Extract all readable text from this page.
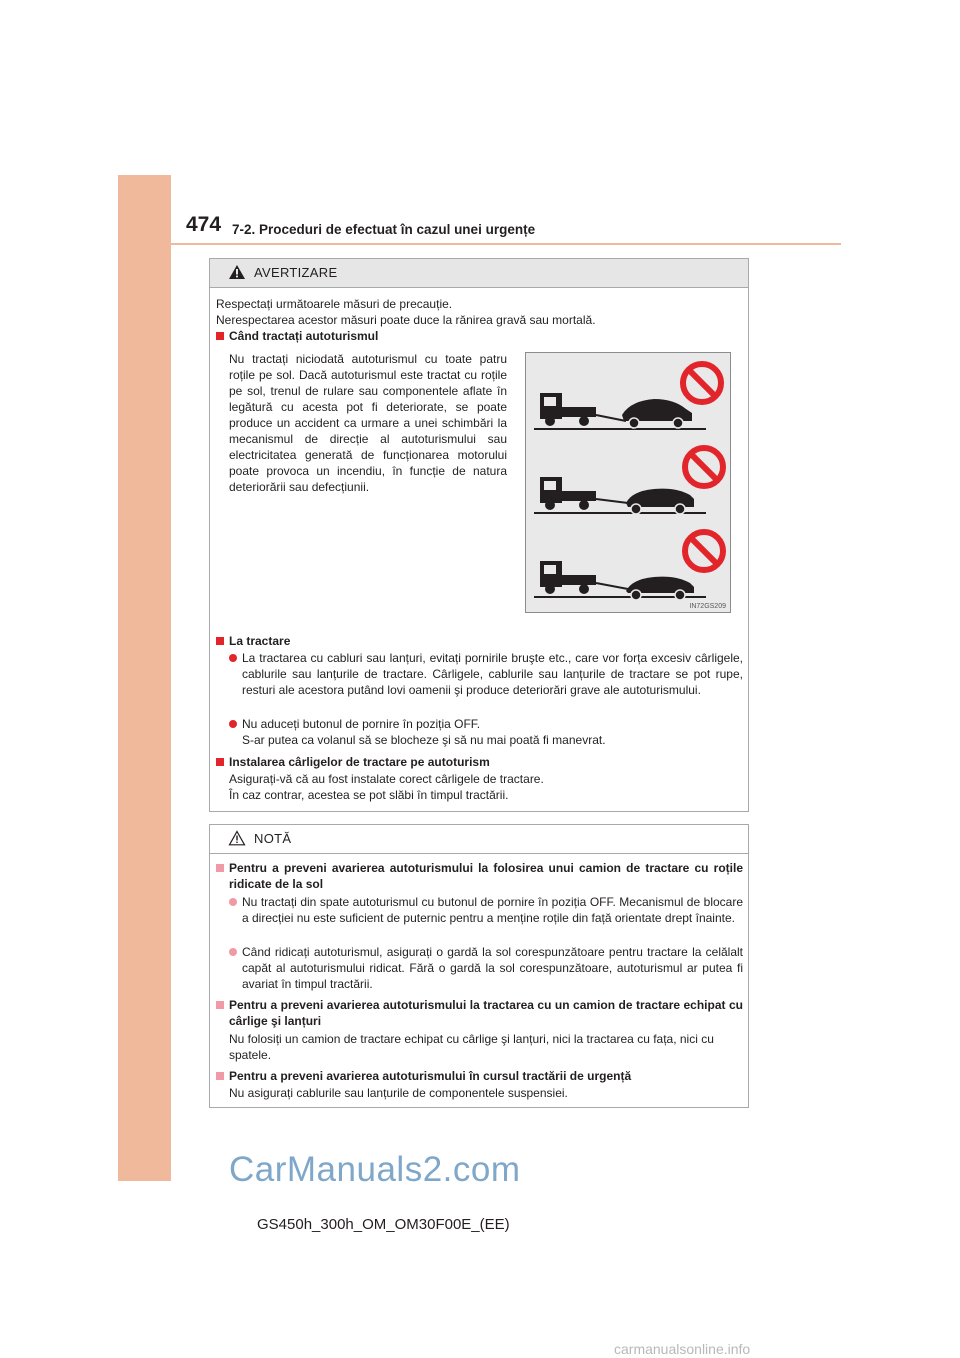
474 7-2. Proceduri de efectuat în cazul unei urgențe
AVERTIZARE
Respectați următoarele măsuri de precauție.
Nerespectarea acestor măsuri poate duce la rănirea gravă sau mortală.
Când tractați autoturismul
Nu tractați niciodată autoturismul cu toate patru roțile pe sol. Dacă autoturismul este tractat cu roțile pe sol, trenul de rulare sau componentele aflate în legătură cu acesta pot fi deteriorate, se poate produce un accident ca urmare a unei schimbări la mecanismul de direcție al autoturismului sau electricitatea generată de funcționarea motorului poate provoca un incendiu, în funcție de natura deteriorării sau defecțiunii.
IN72GS209
La tractare
La tractarea cu cabluri sau lanțuri, evitați pornirile bruşte etc., care vor forța excesiv cârligele, cablurile sau lanțurile de tractare. Cârligele, cablurile sau lanțurile de tractare se pot rupe, resturi ale acestora putând lovi oamenii şi produce deteriorări grave ale autoturismului.
Nu aduceți butonul de pornire în poziția OFF.
S-ar putea ca volanul să se blocheze şi să nu mai poată fi manevrat.
Instalarea cârligelor de tractare pe autoturism
Asigurați-vă că au fost instalate corect cârligele de tractare.
În caz contrar, acestea se pot slăbi în timpul tractării.
NOTĂ
Pentru a preveni avarierea autoturismului la folosirea unui camion de tractare cu roțile ridicate de la sol
Nu tractați din spate autoturismul cu butonul de pornire în poziția OFF. Mecanismul de blocare a direcției nu este suficient de puternic pentru a menține roțile din față orientate drept înainte.
Când ridicați autoturismul, asigurați o gardă la sol corespunzătoare pentru tractare la celălalt capăt al autoturismului ridicat. Fără o gardă la sol corespunzătoare, autoturismul ar putea fi avariat în timpul tractării.
Pentru a preveni avarierea autoturismului la tractarea cu un camion de tractare echipat cu cârlige şi lanțuri
Nu folosiți un camion de tractare echipat cu cârlige şi lanțuri, nici la tractarea cu fața, nici cu spatele.
Pentru a preveni avarierea autoturismului în cursul tractării de urgență
Nu asigurați cablurile sau lanțurile de componentele suspensiei.
CarManuals2.com
GS450h_300h_OM_OM30F00E_(EE)
carmanualsonline.info
